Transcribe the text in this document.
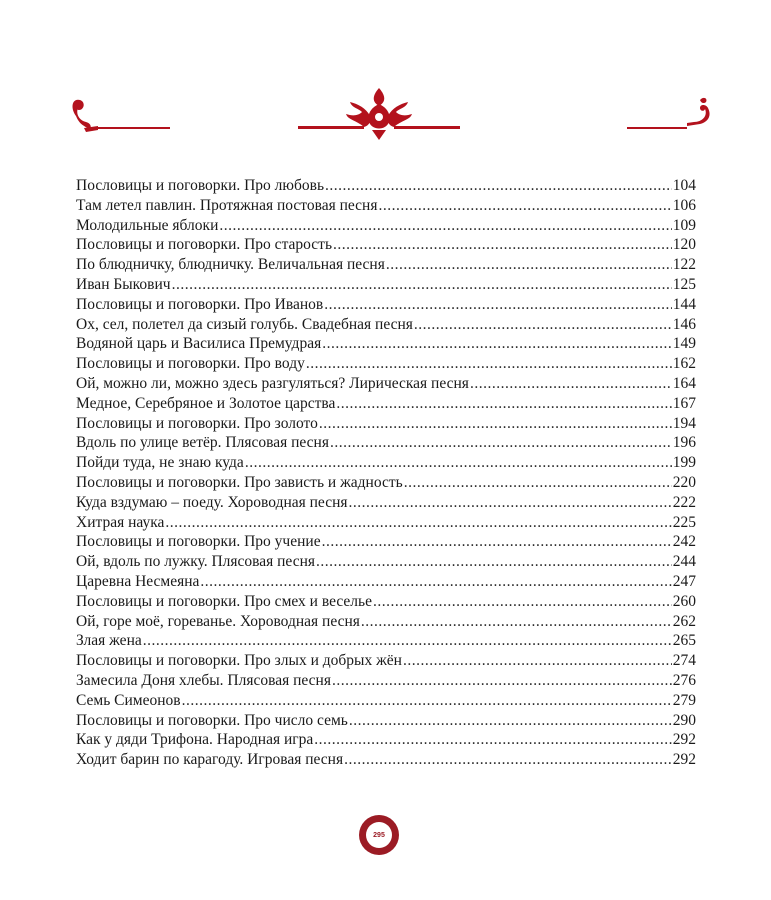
Пословицы и поговорки. Про любовь .....	104
Там летел павлин. Протяжная постовая песня .....	106
Молодильные яблоки .....	109
Пословицы и поговорки. Про старость .....	120
По блюдничку, блюдничку. Величальная песня .....	122
Иван Быкович .....	125
Пословицы и поговорки. Про Иванов .....	144
Ох, сел, полетел да сизый голубь. Свадебная песня .....	146
Водяной царь и Василиса Премудрая .....	149
Пословицы и поговорки. Про воду .....	162
Ой, можно ли, можно здесь разгуляться? Лирическая песня .....	164
Медное, Серебряное и Золотое царства .....	167
Пословицы и поговорки. Про золото .....	194
Вдоль по улице ветёр. Плясовая песня .....	196
Пойди туда, не знаю куда .....	199
Пословицы и поговорки. Про зависть и жадность .....	220
Куда вздумаю – поеду. Хороводная песня .....	222
Хитрая наука .....	225
Пословицы и поговорки. Про учение .....	242
Ой, вдоль по лужку. Плясовая песня .....	244
Царевна Несмеяна .....	247
Пословицы и поговорки. Про смех и веселье .....	260
Ой, горе моё, гореванье. Хороводная песня .....	262
Злая жена .....	265
Пословицы и поговорки. Про злых и добрых жён .....	274
Замесила Доня хлебы. Плясовая песня .....	276
Семь Симеонов .....	279
Пословицы и поговорки. Про число семь .....	290
Как у дяди Трифона. Народная игра .....	292
Ходит барин по карагоду. Игровая песня .....	292
295
